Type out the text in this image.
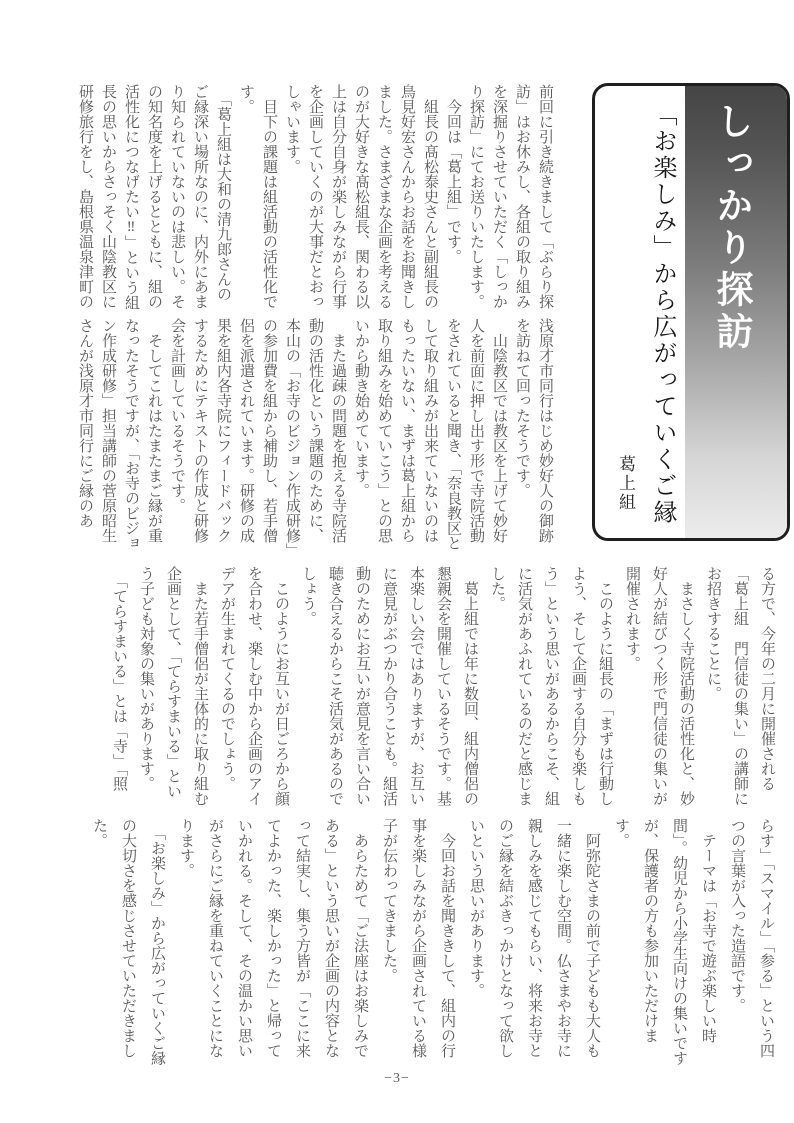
しっかり探訪
「お楽しみ」から広がっていくご縁
葛上組

前回に引き続きまして「ぶらり探訪」はお休みし、各組の取り組みを深掘りさせていただく「しっかり探訪」にてお送りいたします。

　今回は「葛上組」です。

　組長の髙松泰史さんと副組長の鳥見好宏さんからお話をお聞きしました。さまざまな企画を考えるのが大好きな髙松組長、関わる以上は自分自身が楽しみながら行事を企画していくのが大事だとおっしゃいます。

　目下の課題は組活動の活性化です。

　「葛上組は大和の清九郎さんのご縁深い場所なのに、内外にあまり知られていないのは悲しい。その知名度を上げるとともに、組の活性化につなげたい‼」という組長の思いからさっそく山陰教区に研修旅行をし、島根県温泉津町の

浅原才市同行はじめ妙好人の御跡を訪ねて回ったそうです。

　山陰教区では教区を上げて妙好人を前面に押し出す形で寺院活動をされていると聞き、「奈良教区として取り組みが出来ていないのはもったいない、まずは葛上組から取り組みを始めていこう」との思いから動き始めています。

　また過疎の問題を抱える寺院活動の活性化という課題のために、本山の「お寺のビジョン作成研修」の参加費を組から補助し、若手僧侶を派遣されています。研修の成果を組内各寺院にフィードバックするためにテキストの作成と研修会を計画しているそうです。

　そしてこれはたまたまご縁が重なったそうですが、「お寺のビジョン作成研修」担当講師の菅原昭生さんが浅原才市同行にご縁のあ

る方で、今年の二月に開催される「葛上組　門信徒の集い」の講師にお招きすることに。

　まさしく寺院活動の活性化と、妙好人が結びつく形で門信徒の集いが開催されます。

　このように組長の「まずは行動しよう、そして企画する自分も楽しもう」という思いがあるからこそ、組に活気があふれているのだと感じました。

　葛上組では年に数回、組内僧侶の懇親会を開催しているそうです。基本楽しい会ではありますが、お互いに意見がぶつかり合うことも。組活動のためにお互いが意見を言い合い聴き合えるからこそ活気があるのでしょう。

　このようにお互いが日ごろから顔を合わせ、楽しむ中から企画のアイデアが生まれてくるのでしょう。

　また若手僧侶が主体的に取り組む企画として、「てらすまいる」という子ども対象の集いがあります。

　「てらすまいる」とは「寺」「照

らす」「スマイル」「参る」という四つの言葉が入った造語です。

　テーマは「お寺で遊ぶ楽しい時間」。幼児から小学生向けの集いですが、保護者の方も参加いただけます。

　阿弥陀さまの前で子どもも大人も一緒に楽しむ空間。仏さまやお寺に親しみを感じてもらい、将来お寺とのご縁を結ぶきっかけとなって欲しいという思いがあります。

　今回お話を聞ききして、組内の行事を楽しみながら企画されている様子が伝わってきました。

　あらためて「ご法座はお楽しみである」という思いが企画の内容となって結実し、集う方皆が「ここに来てよかった、楽しかった」と帰っていかれる。そして、その温かい思いがさらにご縁を重ねていくことになります。

　「お楽しみ」から広がっていくご縁の大切さを感じさせていただきました。

−3−
